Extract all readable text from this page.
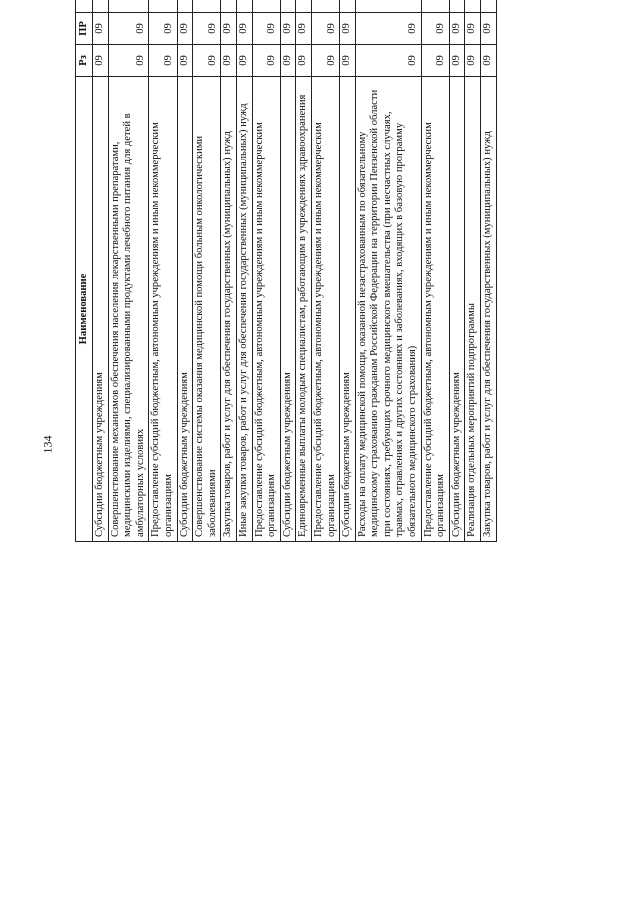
134
Наименование	Рз	ПР			
Субсидии бюджетным учреждениям	09	09			
Совершенствование механизмов обеспечения населения лекарственными препаратами, медицинскими изделиями, специализированными продуктами лечебного питания для детей в амбулаторных условиях	09	09			
Предоставление субсидий бюджетным, автономным учреждениям и иным некоммерческим организациям	09	09			
Субсидии бюджетным учреждениям	09	09			
Совершенствование системы оказания медицинской помощи больным онкологическими заболеваниями	09	09			
Закупка товаров, работ и услуг для обеспечения государственных (муниципальных) нужд	09	09			
Иные закупки товаров, работ и услуг для обеспечения государственных (муниципальных) нужд	09	09			
Предоставление субсидий бюджетным, автономным учреждениям и иным некоммерческим организациям	09	09			
Субсидии бюджетным учреждениям	09	09			
Единовременные выплаты молодым специалистам, работающим в учреждениях здравоохранения	09	09			
Предоставление субсидий бюджетным, автономным учреждениям и иным некоммерческим организациям	09	09			
Субсидии бюджетным учреждениям	09	09			
Расходы на оплату медицинской помощи, оказанной незастрахованным по обязательному медицинскому страхованию гражданам Российской Федерации на территории Пензенской области при состояниях, требующих срочного медицинского вмешательства (при несчастных случаях, травмах, отравлениях и других состояниях и заболеваниях, входящих в базовую программу обязательного медицинского страхования)	09	09			
Предоставление субсидий бюджетным, автономным учреждениям и иным некоммерческим организациям	09	09			
Субсидии бюджетным учреждениям	09	09			
Реализация отдельных мероприятий подпрограммы	09	09			
Закупка товаров, работ и услуг для обеспечения государственных (муниципальных) нужд	09	09			
